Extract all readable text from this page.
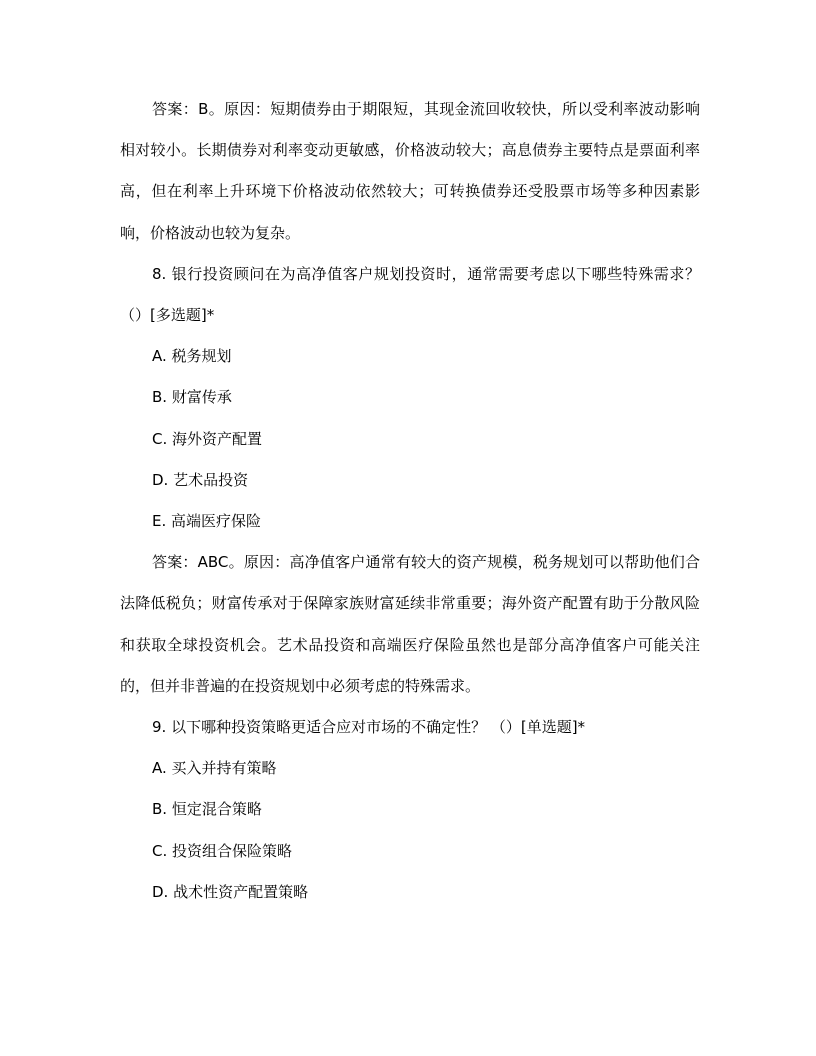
答案：B。原因：短期债券由于期限短，其现金流回收较快，所以受利率波动影响相对较小。长期债券对利率变动更敏感，价格波动较大；高息债券主要特点是票面利率高，但在利率上升环境下价格波动依然较大；可转换债券还受股票市场等多种因素影响，价格波动也较为复杂。

8. 银行投资顾问在为高净值客户规划投资时，通常需要考虑以下哪些特殊需求？ （）[多选题]*

A. 税务规划

B. 财富传承

C. 海外资产配置

D. 艺术品投资

E. 高端医疗保险

答案：ABC。原因：高净值客户通常有较大的资产规模，税务规划可以帮助他们合法降低税负；财富传承对于保障家族财富延续非常重要；海外资产配置有助于分散风险和获取全球投资机会。艺术品投资和高端医疗保险虽然也是部分高净值客户可能关注的，但并非普遍的在投资规划中必须考虑的特殊需求。

9. 以下哪种投资策略更适合应对市场的不确定性？ （）[单选题]*

A. 买入并持有策略

B. 恒定混合策略

C. 投资组合保险策略

D. 战术性资产配置策略
